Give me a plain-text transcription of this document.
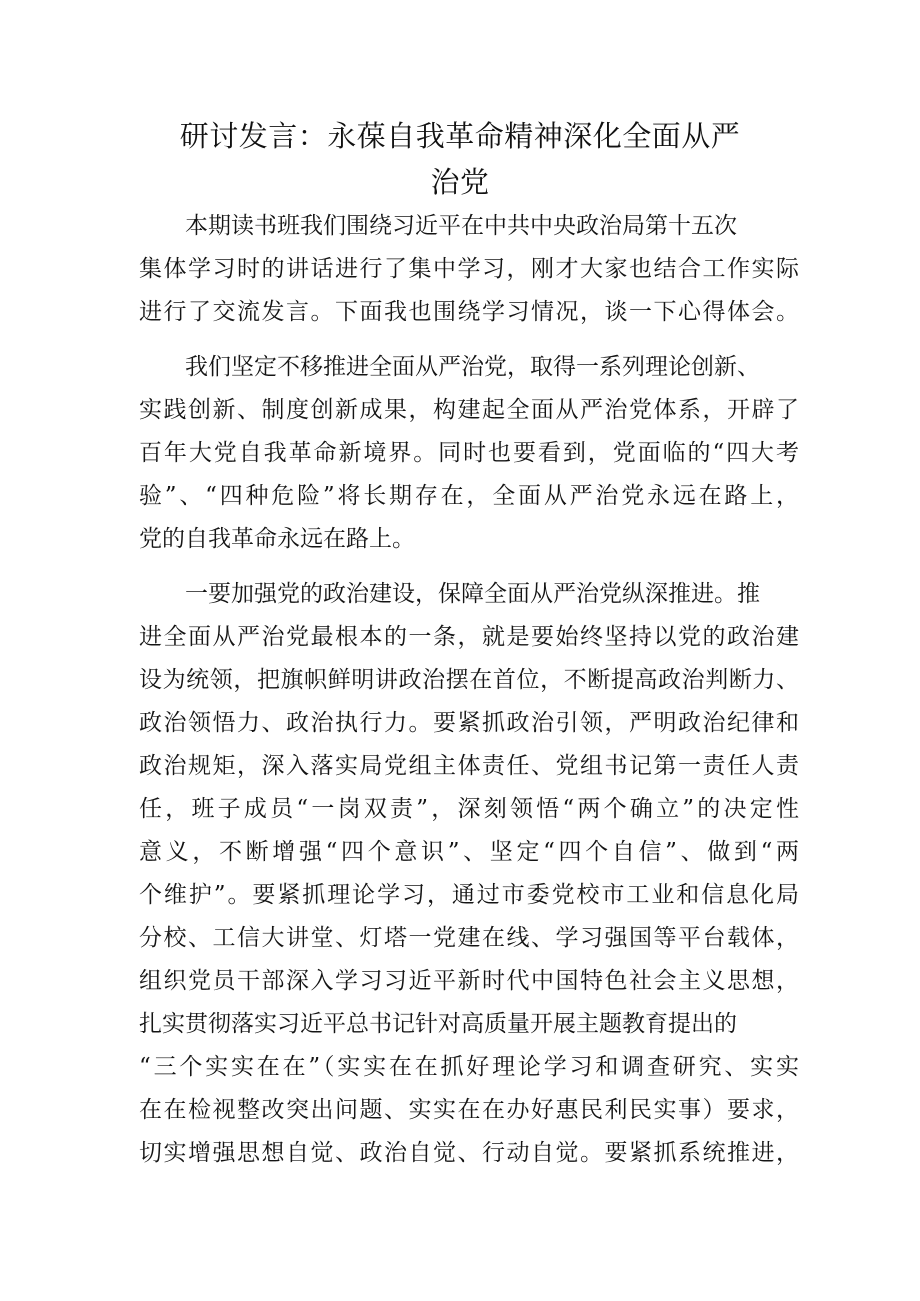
研讨发言：永葆自我革命精神深化全面从严
治党
本期读书班我们围绕习近平在中共中央政治局第十五次
集体学习时的讲话进行了集中学习，刚才大家也结合工作实际
进行了交流发言。下面我也围绕学习情况，谈一下心得体会。
我们坚定不移推进全面从严治党，取得一系列理论创新、
实践创新、制度创新成果，构建起全面从严治党体系，开辟了
百年大党自我革命新境界。同时也要看到，党面临的“四大考
验”、“四种危险”将长期存在，全面从严治党永远在路上，
党的自我革命永远在路上。
一要加强党的政治建设，保障全面从严治党纵深推进。推
进全面从严治党最根本的一条，就是要始终坚持以党的政治建
设为统领，把旗帜鲜明讲政治摆在首位，不断提高政治判断力、
政治领悟力、政治执行力。要紧抓政治引领，严明政治纪律和
政治规矩，深入落实局党组主体责任、党组书记第一责任人责
任，班子成员“一岗双责”，深刻领悟“两个确立”的决定性
意义，不断增强“四个意识”、坚定“四个自信”、做到“两
个维护”。要紧抓理论学习，通过市委党校市工业和信息化局
分校、工信大讲堂、灯塔一党建在线、学习强国等平台载体，
组织党员干部深入学习习近平新时代中国特色社会主义思想，
扎实贯彻落实习近平总书记针对高质量开展主题教育提出的
“三个实实在在”（实实在在抓好理论学习和调查研究、实实
在在检视整改突出问题、实实在在办好惠民利民实事）要求，
切实增强思想自觉、政治自觉、行动自觉。要紧抓系统推进，
